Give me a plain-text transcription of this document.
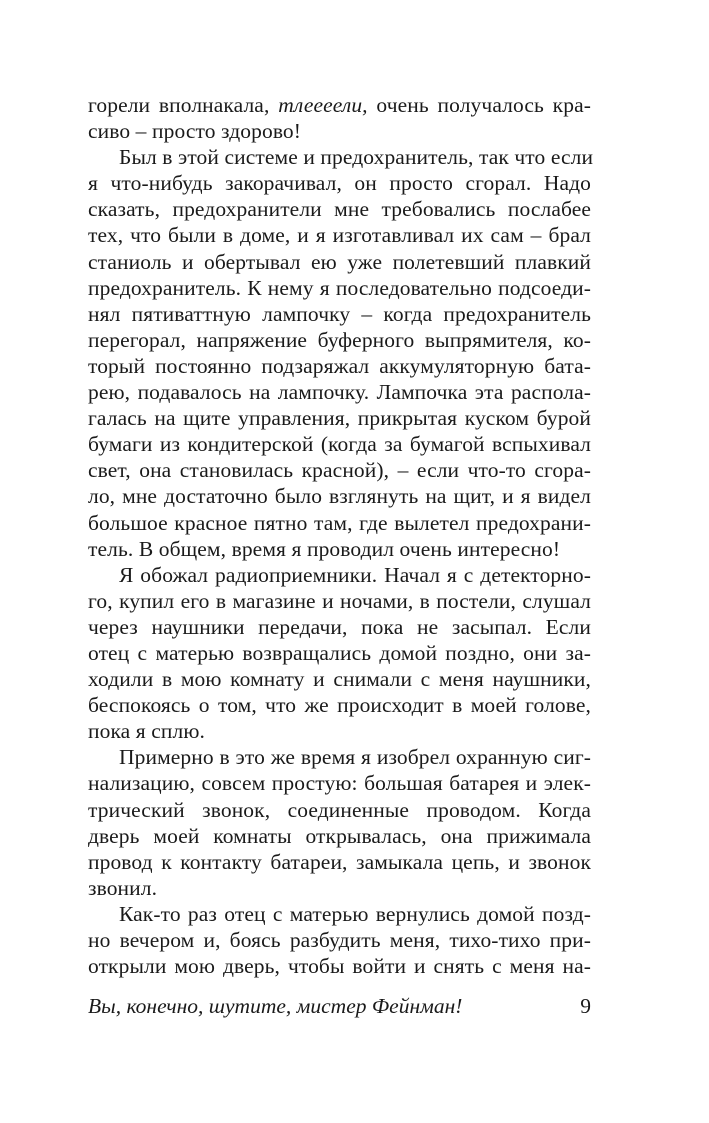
горели вполнакала, тлеееели, очень получалось кра-
сиво – просто здорово!
Был в этой системе и предохранитель, так что если
я что-нибудь закорачивал, он просто сгорал. Надо
сказать, предохранители мне требовались послабее
тех, что были в доме, и я изготавливал их сам – брал
станиоль и обертывал ею уже полетевший плавкий
предохранитель. К нему я последовательно подсоеди-
нял пятиваттную лампочку – когда предохранитель
перегорал, напряжение буферного выпрямителя, ко-
торый постоянно подзаряжал аккумуляторную бата-
рею, подавалось на лампочку. Лампочка эта распола-
галась на щите управления, прикрытая куском бурой
бумаги из кондитерской (когда за бумагой вспыхивал
свет, она становилась красной), – если что-то сгора-
ло, мне достаточно было взглянуть на щит, и я видел
большое красное пятно там, где вылетел предохрани-
тель. В общем, время я проводил очень интересно!
Я обожал радиоприемники. Начал я с детекторно-
го, купил его в магазине и ночами, в постели, слушал
через наушники передачи, пока не засыпал. Если
отец с матерью возвращались домой поздно, они за-
ходили в мою комнату и снимали с меня наушники,
беспокоясь о том, что же происходит в моей голове,
пока я сплю.
Примерно в это же время я изобрел охранную сиг-
нализацию, совсем простую: большая батарея и элек-
трический звонок, соединенные проводом. Когда
дверь моей комнаты открывалась, она прижимала
провод к контакту батареи, замыкала цепь, и звонок
звонил.
Как-то раз отец с матерью вернулись домой позд-
но вечером и, боясь разбудить меня, тихо-тихо при-
открыли мою дверь, чтобы войти и снять с меня на-
Вы, конечно, шутите, мистер Фейнман!	9
